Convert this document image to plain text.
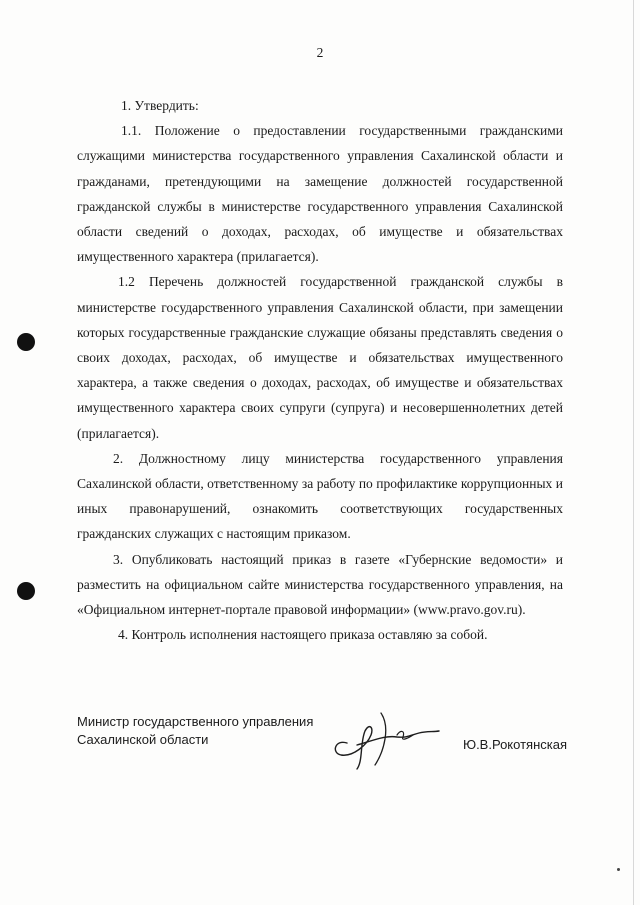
2

1. Утвердить:

1.1. Положение о предоставлении государственными гражданскими служащими министерства государственного управления Сахалинской области и гражданами, претендующими на замещение должностей государственной гражданской службы в министерстве государственного управления Сахалинской области сведений о доходах, расходах, об имуществе и обязательствах имущественного характера (прилагается).

1.2 Перечень должностей государственной гражданской службы в министерстве государственного управления Сахалинской области, при замещении которых государственные гражданские служащие обязаны представлять сведения о своих доходах, расходах, об имуществе и обязательствах имущественного характера, а также сведения о доходах, расходах, об имуществе и обязательствах имущественного характера своих супруги (супруга) и несовершеннолетних детей (прилагается).

2. Должностному лицу министерства государственного управления Сахалинской области, ответственному за работу по профилактике коррупционных и иных правонарушений, ознакомить соответствующих государственных гражданских служащих с настоящим приказом.

3. Опубликовать настоящий приказ в газете «Губернские ведомости» и разместить на официальном сайте министерства государственного управления, на «Официальном интернет-портале правовой информации» (www.pravo.gov.ru).

4. Контроль исполнения настоящего приказа оставляю за собой.

Министр государственного управления
Сахалинской области	Ю.В.Рокотянская
